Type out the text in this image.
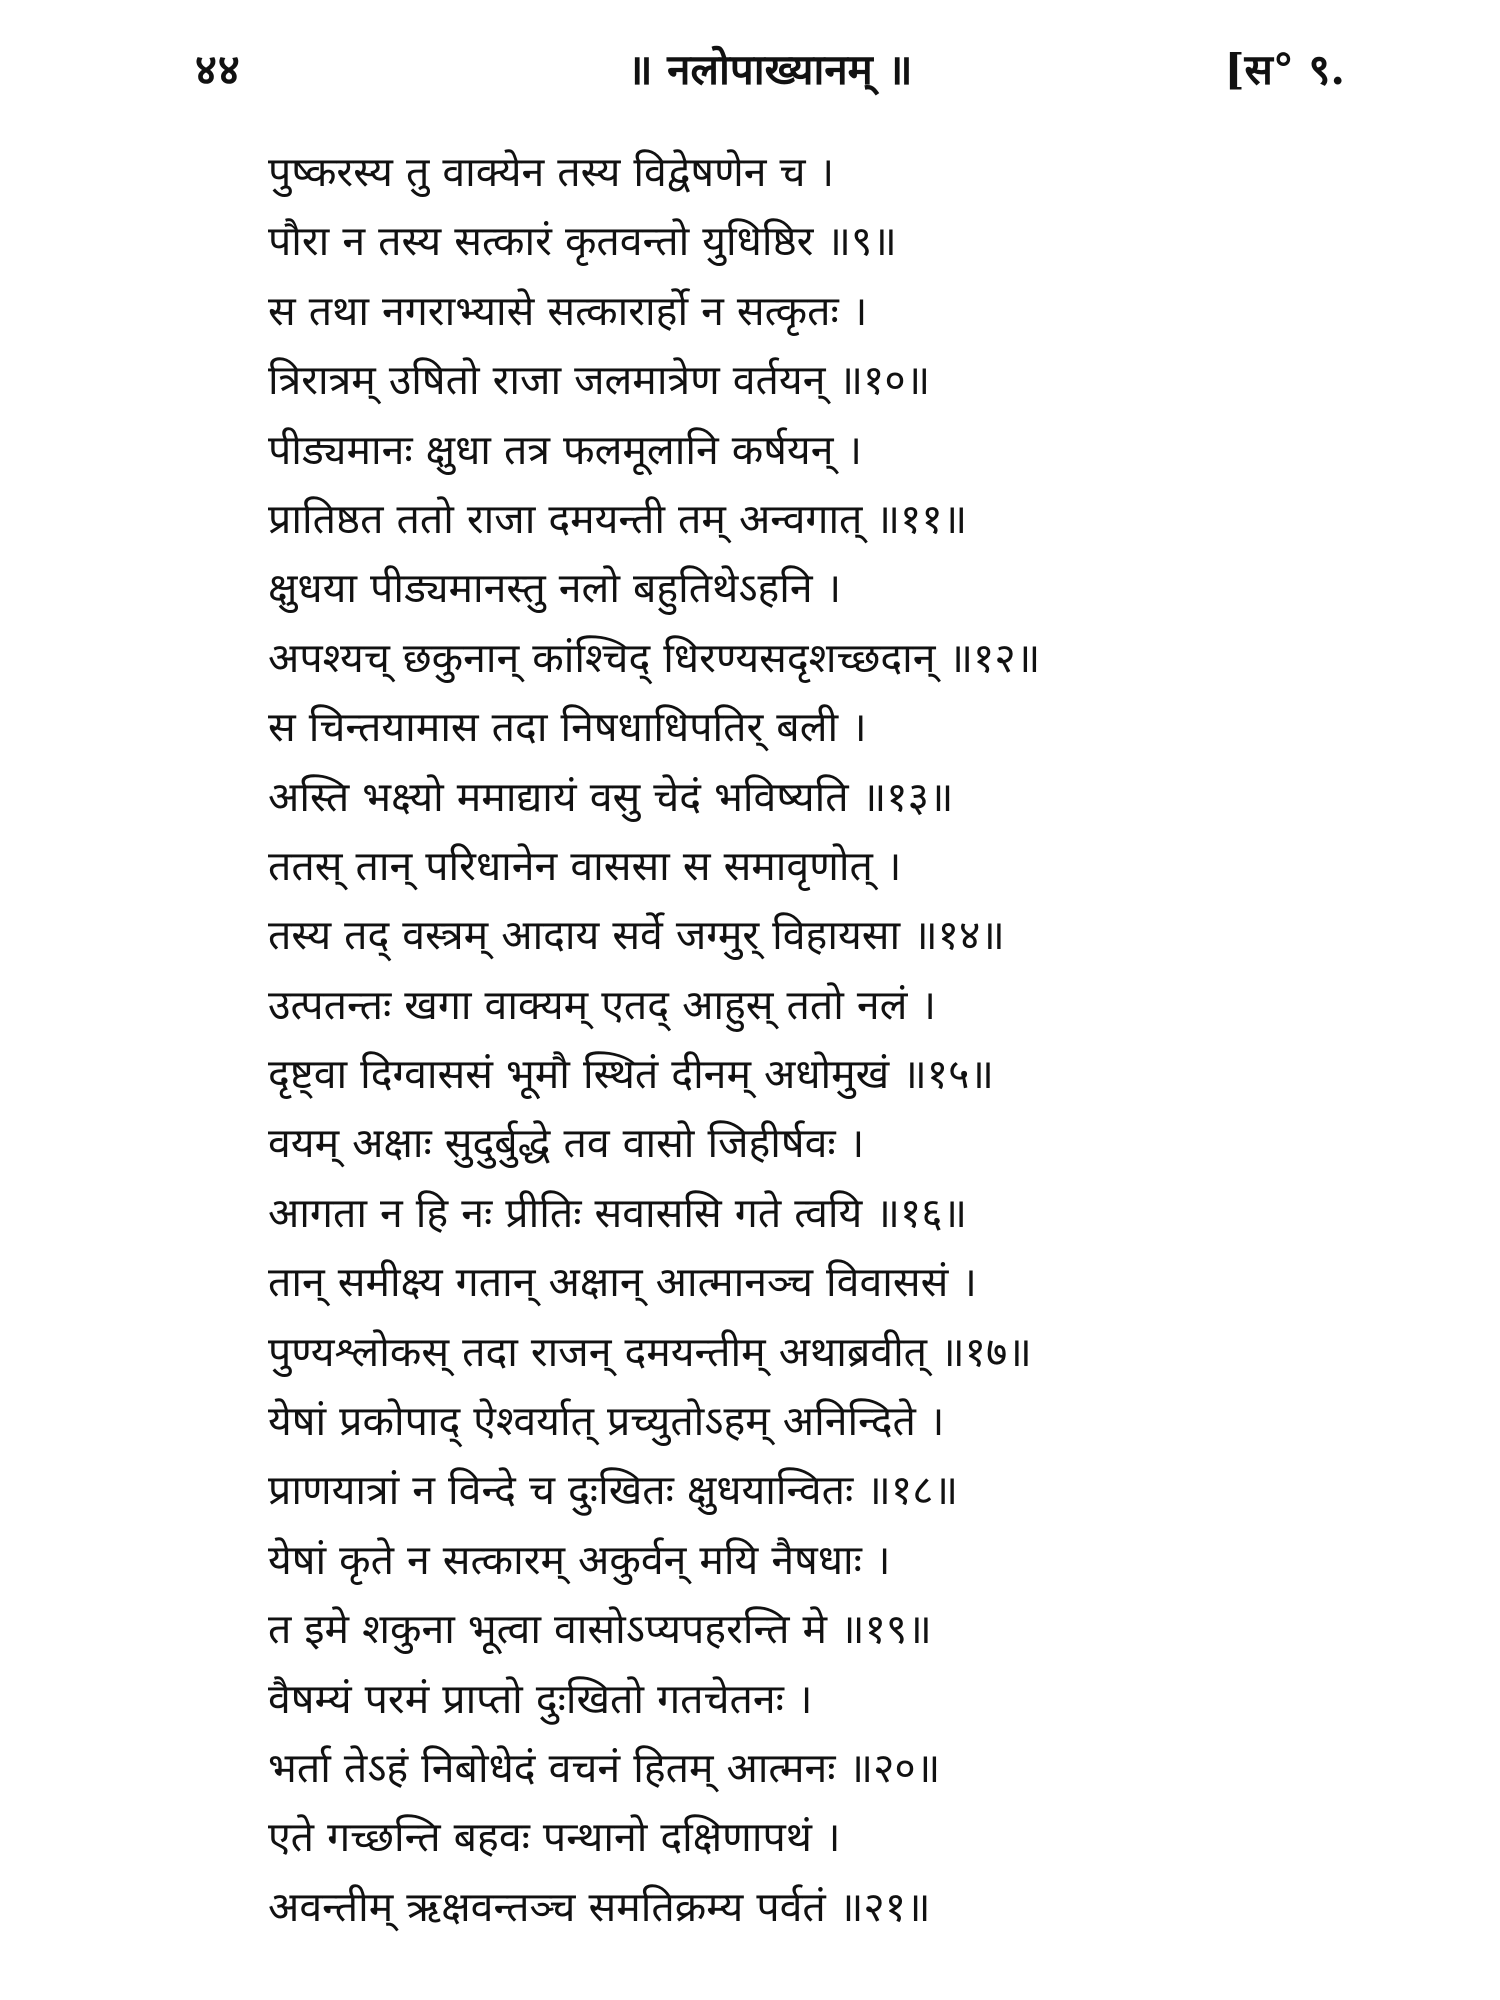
४४	॥ नलोपाख्यानम् ॥	[स° ९.
पुष्करस्य तु वाक्येन तस्य विद्वेषणेन च ।
पौरा न तस्य सत्कारं कृतवन्तो युधिष्ठिर ॥९॥
स तथा नगराभ्यासे सत्कारार्हो न सत्कृतः ।
त्रिरात्रम् उषितो राजा जलमात्रेण वर्तयन् ॥१०॥
पीड्यमानः क्षुधा तत्र फलमूलानि कर्षयन् ।
प्रातिष्ठत ततो राजा दमयन्ती तम् अन्वगात् ॥११॥
क्षुधया पीड्यमानस्तु नलो बहुतिथेऽहनि ।
अपश्यच् छकुनान् कांश्चिद् धिरण्यसदृशच्छदान् ॥१२॥
स चिन्तयामास तदा निषधाधिपतिर् बली ।
अस्ति भक्ष्यो ममाद्यायं वसु चेदं भविष्यति ॥१३॥
ततस् तान् परिधानेन वाससा स समावृणोत् ।
तस्य तद् वस्त्रम् आदाय सर्वे जग्मुर् विहायसा ॥१४॥
उत्पतन्तः खगा वाक्यम् एतद् आहुस् ततो नलं ।
दृष्ट्वा दिग्वाससं भूमौ स्थितं दीनम् अधोमुखं ॥१५॥
वयम् अक्षाः सुदुर्बुद्धे तव वासो जिहीर्षवः ।
आगता न हि नः प्रीतिः सवाससि गते त्वयि ॥१६॥
तान् समीक्ष्य गतान् अक्षान् आत्मानञ्च विवाससं ।
पुण्यश्लोकस् तदा राजन् दमयन्तीम् अथाब्रवीत् ॥१७॥
येषां प्रकोपाद् ऐश्वर्यात् प्रच्युतोऽहम् अनिन्दिते ।
प्राणयात्रां न विन्दे च दुःखितः क्षुधयान्वितः ॥१८॥
येषां कृते न सत्कारम् अकुर्वन् मयि नैषधाः ।
त इमे शकुना भूत्वा वासोऽप्यपहरन्ति मे ॥१९॥
वैषम्यं परमं प्राप्तो दुःखितो गतचेतनः ।
भर्ता तेऽहं निबोधेदं वचनं हितम् आत्मनः ॥२०॥
एते गच्छन्ति बहवः पन्थानो दक्षिणापथं ।
अवन्तीम् ऋक्षवन्तञ्च समतिक्रम्य पर्वतं ॥२१॥
